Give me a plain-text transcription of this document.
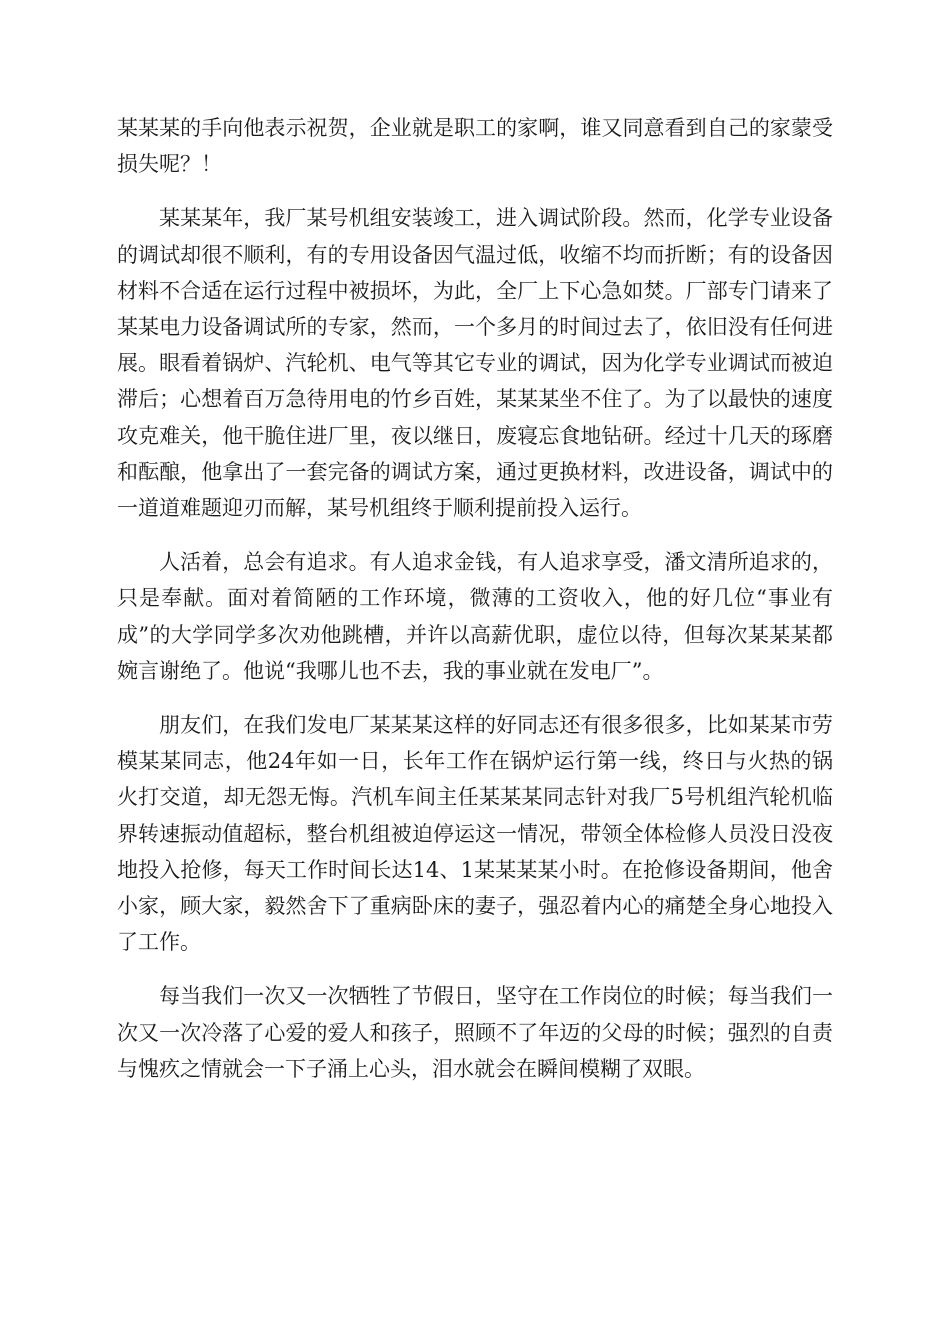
某某某的手向他表示祝贺，企业就是职工的家啊，谁又同意看到自己的家蒙受损失呢？！

某某某年，我厂某号机组安装竣工，进入调试阶段。然而，化学专业设备的调试却很不顺利，有的专用设备因气温过低，收缩不均而折断；有的设备因材料不合适在运行过程中被损坏，为此，全厂上下心急如焚。厂部专门请来了某某电力设备调试所的专家，然而，一个多月的时间过去了，依旧没有任何进展。眼看着锅炉、汽轮机、电气等其它专业的调试，因为化学专业调试而被迫滞后；心想着百万急待用电的竹乡百姓，某某某坐不住了。为了以最快的速度攻克难关，他干脆住进厂里，夜以继日，废寝忘食地钻研。经过十几天的琢磨和酝酿，他拿出了一套完备的调试方案，通过更换材料，改进设备，调试中的一道道难题迎刃而解，某号机组终于顺利提前投入运行。

人活着，总会有追求。有人追求金钱，有人追求享受，潘文清所追求的，只是奉献。面对着简陋的工作环境，微薄的工资收入，他的好几位“事业有成”的大学同学多次劝他跳槽，并许以高薪优职，虚位以待，但每次某某某都婉言谢绝了。他说“我哪儿也不去，我的事业就在发电厂”。

朋友们，在我们发电厂某某某这样的好同志还有很多很多，比如某某市劳模某某同志，他24年如一日，长年工作在锅炉运行第一线，终日与火热的锅火打交道，却无怨无悔。汽机车间主任某某某同志针对我厂5号机组汽轮机临界转速振动值超标，整台机组被迫停运这一情况，带领全体检修人员没日没夜地投入抢修，每天工作时间长达14、1某某某某小时。在抢修设备期间，他舍小家，顾大家，毅然舍下了重病卧床的妻子，强忍着内心的痛楚全身心地投入了工作。

每当我们一次又一次牺牲了节假日，坚守在工作岗位的时候；每当我们一次又一次冷落了心爱的爱人和孩子，照顾不了年迈的父母的时候；强烈的自责与愧疚之情就会一下子涌上心头，泪水就会在瞬间模糊了双眼。
